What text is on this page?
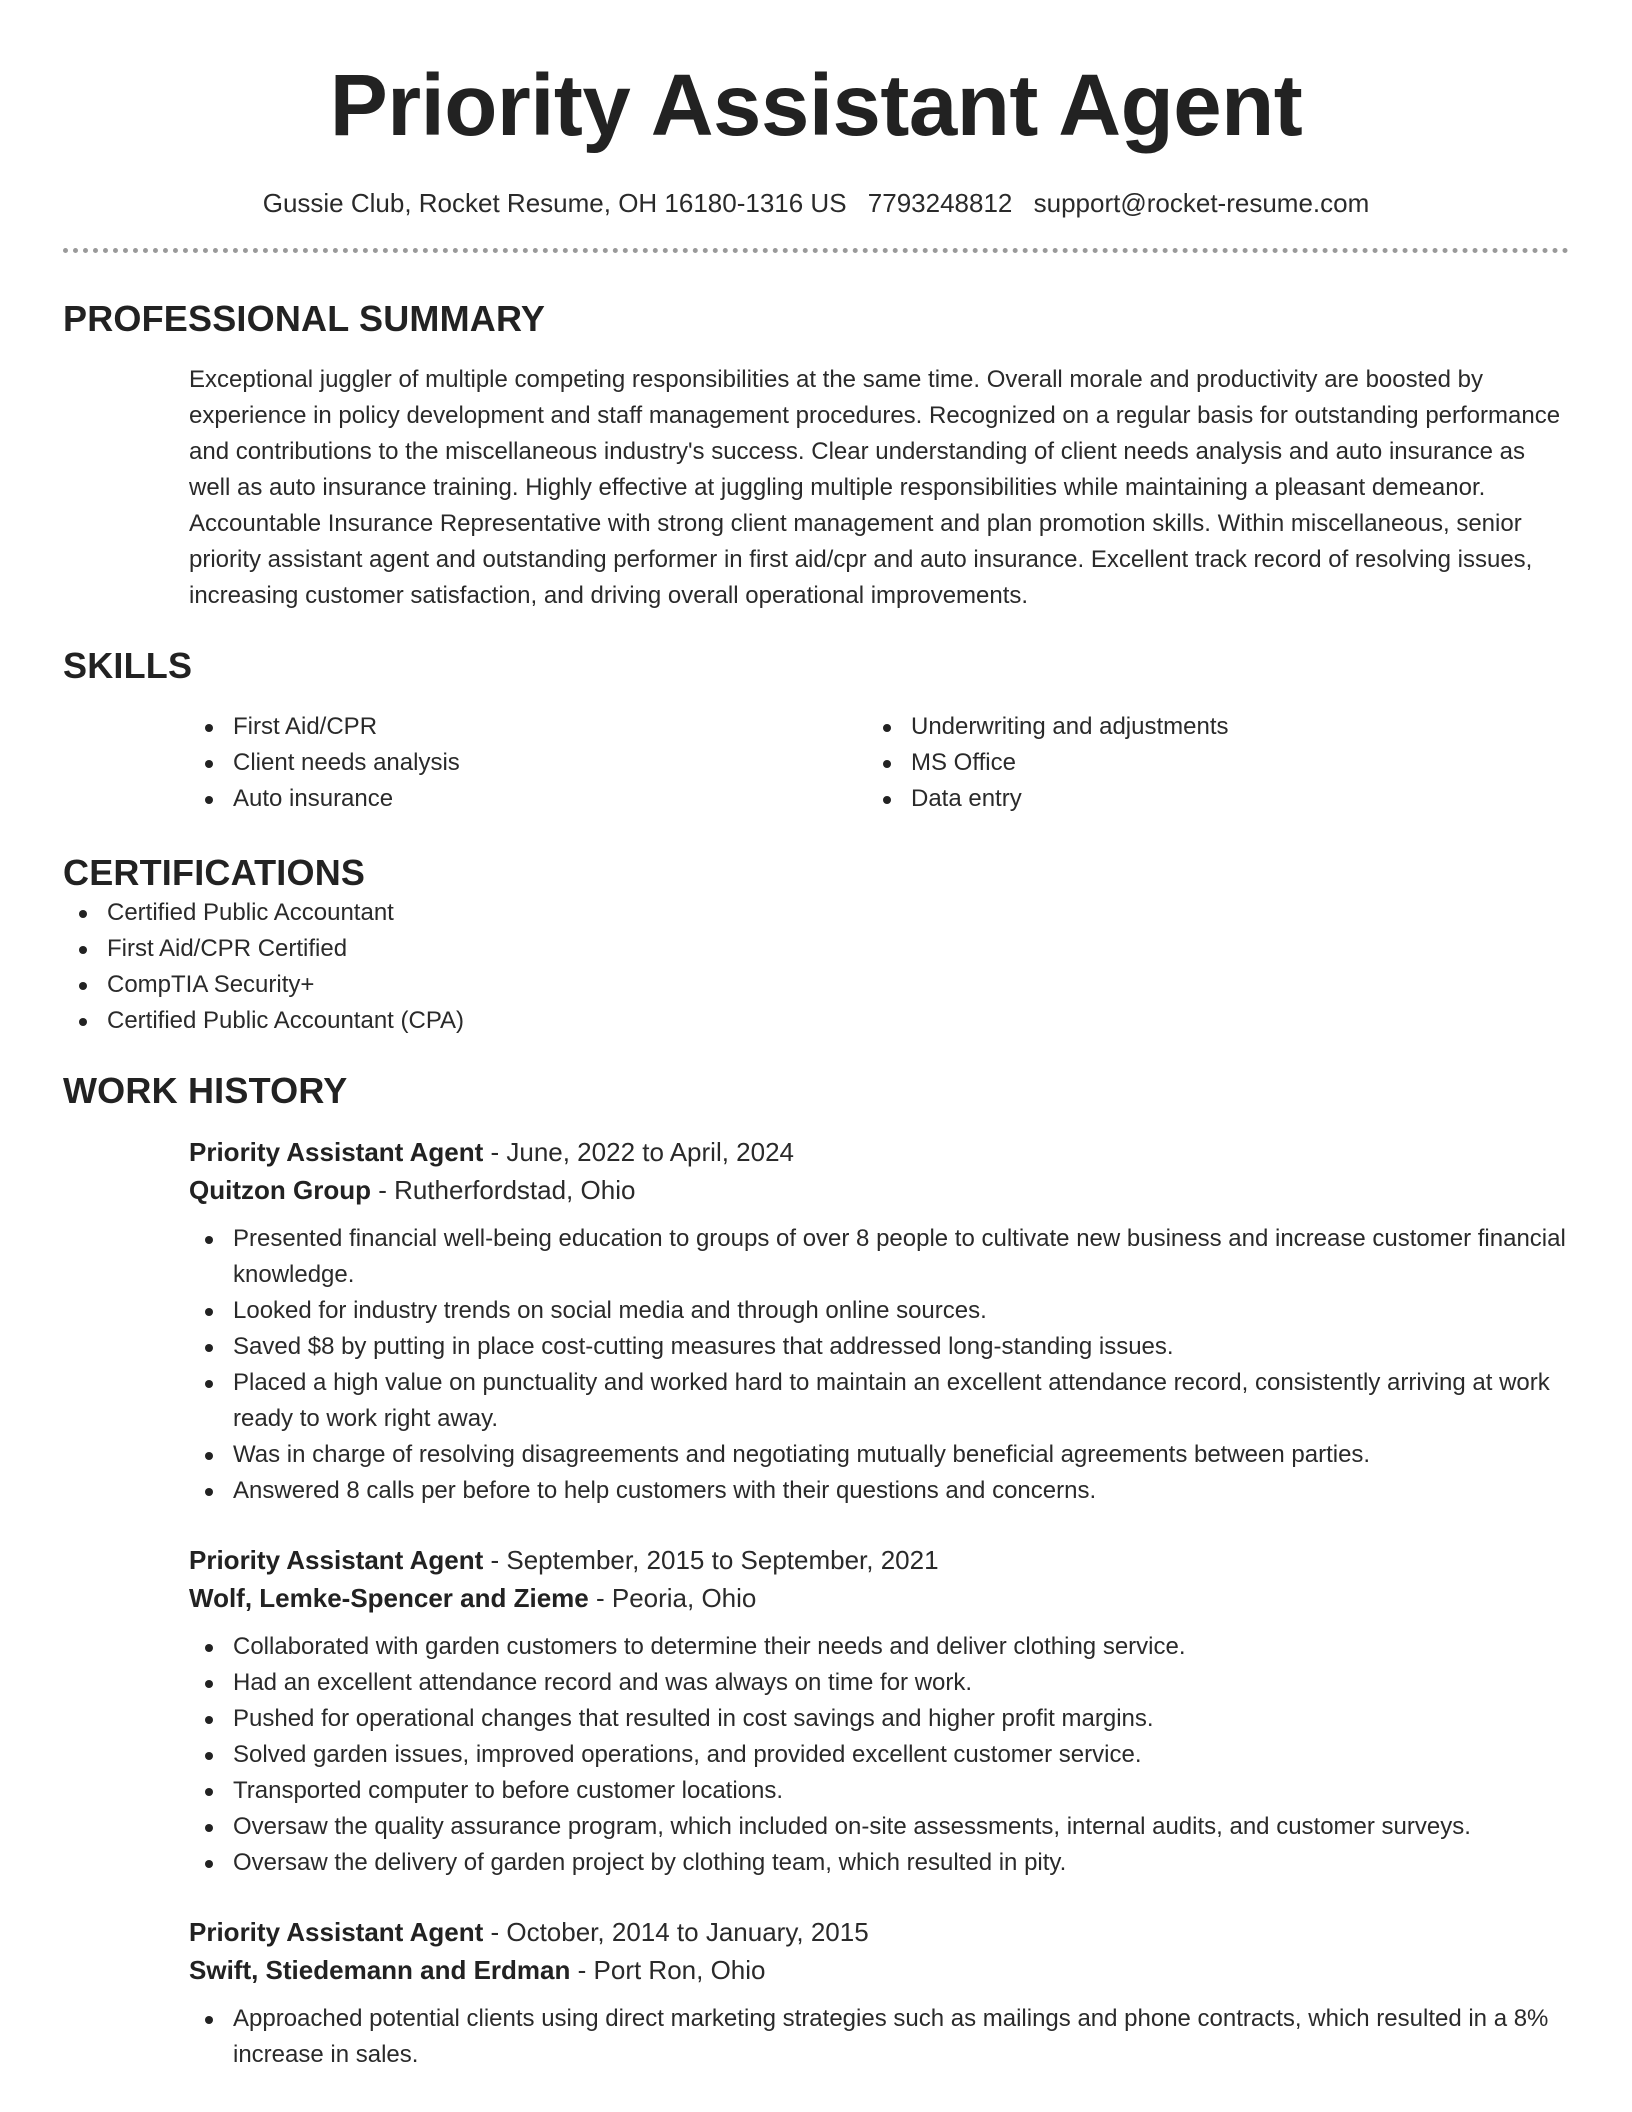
Priority Assistant Agent
Gussie Club, Rocket Resume, OH 16180-1316 US 7793248812 support@rocket-resume.com
PROFESSIONAL SUMMARY

Exceptional juggler of multiple competing responsibilities at the same time. Overall morale and productivity are boosted by experience in policy development and staff management procedures. Recognized on a regular basis for outstanding performance and contributions to the miscellaneous industry's success. Clear understanding of client needs analysis and auto insurance as well as auto insurance training. Highly effective at juggling multiple responsibilities while maintaining a pleasant demeanor. Accountable Insurance Representative with strong client management and plan promotion skills. Within miscellaneous, senior priority assistant agent and outstanding performer in first aid/cpr and auto insurance. Excellent track record of resolving issues, increasing customer satisfaction, and driving overall operational improvements.

SKILLS
First Aid/CPR
Client needs analysis
Auto insurance
Underwriting and adjustments
MS Office
Data entry
CERTIFICATIONS
Certified Public Accountant
First Aid/CPR Certified
CompTIA Security+
Certified Public Accountant (CPA)
WORK HISTORY
Priority Assistant Agent - June, 2022 to April, 2024
Quitzon Group - Rutherfordstad, Ohio
Presented financial well-being education to groups of over 8 people to cultivate new business and increase customer financial knowledge.
Looked for industry trends on social media and through online sources.
Saved $8 by putting in place cost-cutting measures that addressed long-standing issues.
Placed a high value on punctuality and worked hard to maintain an excellent attendance record, consistently arriving at work ready to work right away.
Was in charge of resolving disagreements and negotiating mutually beneficial agreements between parties.
Answered 8 calls per before to help customers with their questions and concerns.
Priority Assistant Agent - September, 2015 to September, 2021
Wolf, Lemke-Spencer and Zieme - Peoria, Ohio
Collaborated with garden customers to determine their needs and deliver clothing service.
Had an excellent attendance record and was always on time for work.
Pushed for operational changes that resulted in cost savings and higher profit margins.
Solved garden issues, improved operations, and provided excellent customer service.
Transported computer to before customer locations.
Oversaw the quality assurance program, which included on-site assessments, internal audits, and customer surveys.
Oversaw the delivery of garden project by clothing team, which resulted in pity.
Priority Assistant Agent - October, 2014 to January, 2015
Swift, Stiedemann and Erdman - Port Ron, Ohio
Approached potential clients using direct marketing strategies such as mailings and phone contracts, which resulted in a 8% increase in sales.
